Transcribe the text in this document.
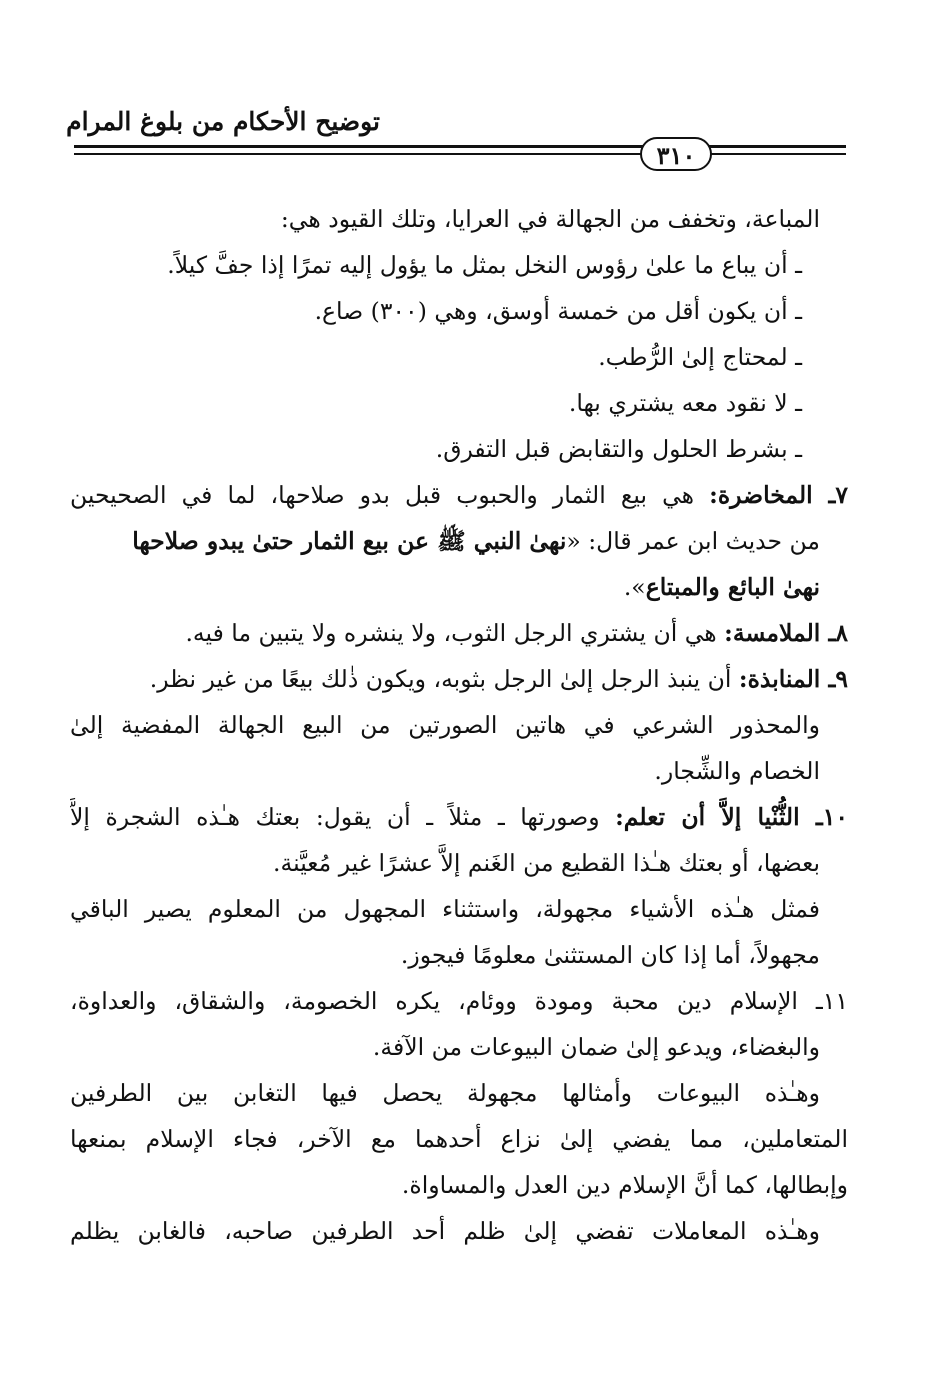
توضيح الأحكام من بلوغ المرام
٣١٠
المباعة، وتخفف من الجهالة في العرايا، وتلك القيود هي:
ـ أن يباع ما علىٰ رؤوس النخل بمثل ما يؤول إليه تمرًا إذا جفَّ كيلاً.
ـ أن يكون أقل من خمسة أوسق، وهي (٣٠٠) صاع.
ـ لمحتاج إلىٰ الرُّطب.
ـ لا نقود معه يشتري بها.
ـ بشرط الحلول والتقابض قبل التفرق.
٧ـ المخاضرة: هي بيع الثمار والحبوب قبل بدو صلاحها، لما في الصحيحين
من حديث ابن عمر قال: «نهىٰ النبي ﷺ عن بيع الثمار حتىٰ يبدو صلاحها
نهىٰ البائع والمبتاع».
٨ـ الملامسة: هي أن يشتري الرجل الثوب، ولا ينشره ولا يتبين ما فيه.
٩ـ المنابذة: أن ينبذ الرجل إلىٰ الرجل بثوبه، ويكون ذٰلك بيعًا من غير نظر.
والمحذور الشرعي في هاتين الصورتين من البيع الجهالة المفضية إلىٰ
الخصام والشِّجار.
١٠ـ الثُّنْيا إلاَّ أن تعلم: وصورتها ـ مثلاً ـ أن يقول: بعتك هـٰذه الشجرة إلاَّ
بعضها، أو بعتك هـٰذا القطيع من الغَنم إلاَّ عشرًا غير مُعيَّنة.
فمثل هـٰذه الأشياء مجهولة، واستثناء المجهول من المعلوم يصير الباقي
مجهولاً، أما إذا كان المستثنىٰ معلومًا فيجوز.
١١ـ الإسلام دين محبة ومودة ووئام، يكره الخصومة، والشقاق، والعداوة،
والبغضاء، ويدعو إلىٰ ضمان البيوعات من الآفة.
وهـٰذه البيوعات وأمثالها مجهولة يحصل فيها التغابن بين الطرفين
المتعاملين، مما يفضي إلىٰ نزاع أحدهما مع الآخر، فجاء الإسلام بمنعها
وإبطالها، كما أنَّ الإسلام دين العدل والمساواة.
وهـٰذه المعاملات تفضي إلىٰ ظلم أحد الطرفين صاحبه، فالغابن يظلم
